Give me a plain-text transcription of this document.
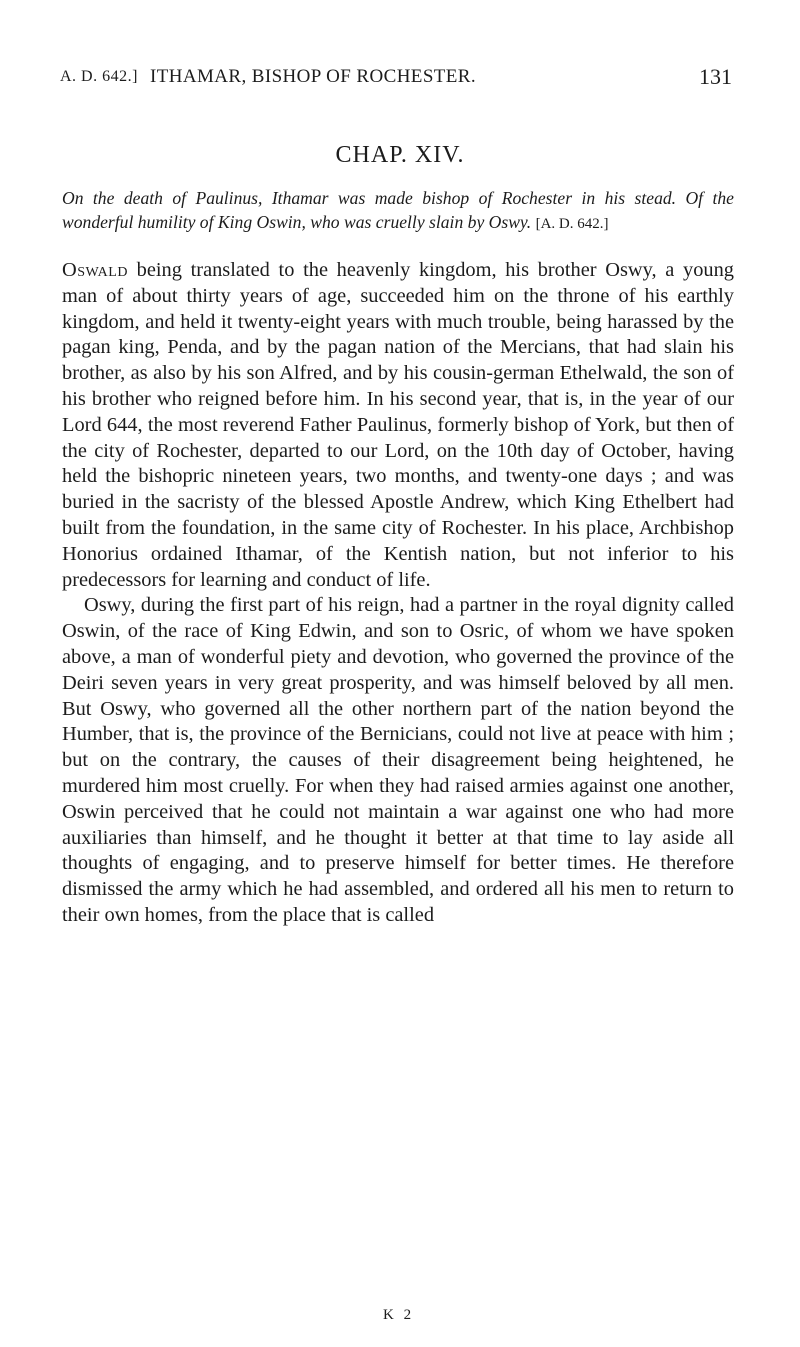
A. D. 642.] ITHAMAR, BISHOP OF ROCHESTER.	131
CHAP. XIV.
On the death of Paulinus, Ithamar was made bishop of Rochester in his stead. Of the wonderful humility of King Oswin, who was cruelly slain by Oswy. [A. D. 642.]

Oswald being translated to the heavenly kingdom, his brother Oswy, a young man of about thirty years of age, succeeded him on the throne of his earthly kingdom, and held it twenty-eight years with much trouble, being harassed by the pagan king, Penda, and by the pagan nation of the Mercians, that had slain his brother, as also by his son Alfred, and by his cousin-german Ethelwald, the son of his brother who reigned before him. In his second year, that is, in the year of our Lord 644, the most reverend Father Paulinus, formerly bishop of York, but then of the city of Rochester, departed to our Lord, on the 10th day of October, having held the bishopric nineteen years, two months, and twenty-one days ; and was buried in the sacristy of the blessed Apostle Andrew, which King Ethelbert had built from the foundation, in the same city of Rochester. In his place, Archbishop Honorius ordained Ithamar, of the Kentish nation, but not inferior to his predecessors for learning and conduct of life.

Oswy, during the first part of his reign, had a partner in the royal dignity called Oswin, of the race of King Edwin, and son to Osric, of whom we have spoken above, a man of wonderful piety and devotion, who governed the province of the Deiri seven years in very great prosperity, and was himself beloved by all men. But Oswy, who governed all the other northern part of the nation beyond the Humber, that is, the province of the Bernicians, could not live at peace with him ; but on the contrary, the causes of their disagreement being heightened, he murdered him most cruelly. For when they had raised armies against one another, Oswin perceived that he could not maintain a war against one who had more auxiliaries than himself, and he thought it better at that time to lay aside all thoughts of engaging, and to preserve himself for better times. He therefore dismissed the army which he had assembled, and ordered all his men to return to their own homes, from the place that is called

K 2
